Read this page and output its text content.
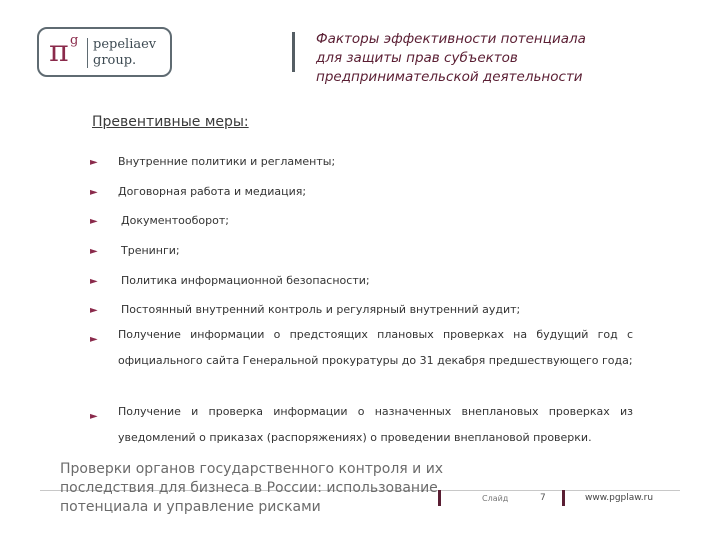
π g pepeliaev
group.
Факторы эффективности потенциала
для защиты прав субъектов
предпринимательской деятельности
Превентивные меры:
► Внутренние политики и регламенты;
► Договорная работа и медиация;
► Документооборот;
► Тренинги;
► Политика информационной безопасности;
► Постоянный внутренний контроль и регулярный внутренний аудит;
► Получение информации о предстоящих плановых проверках на будущий год с официального сайта Генеральной прокуратуры до 31 декабря предшествующего года;
► Получение и проверка информации о назначенных внеплановых проверках из уведомлений о приказах (распоряжениях) о проведении внеплановой проверки.
Проверки органов государственного контроля и их последствия для бизнеса в России: использование потенциала и управление рисками
Слайд	7	www.pgplaw.ru
